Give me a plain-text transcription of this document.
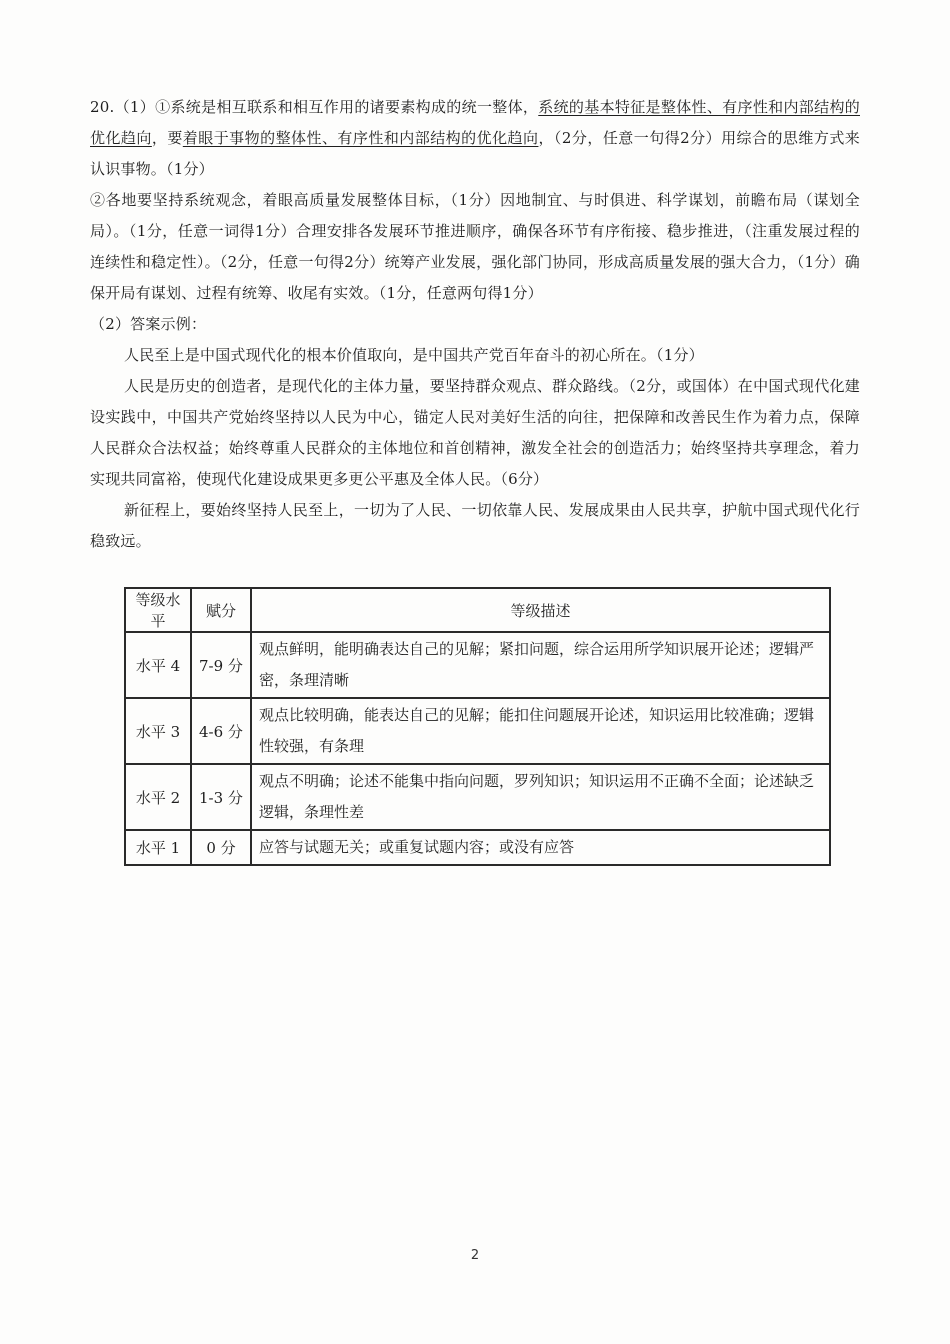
20.（1）①系统是相互联系和相互作用的诸要素构成的统一整体，系统的基本特征是整体性、有序性和内部结构的优化趋向，要着眼于事物的整体性、有序性和内部结构的优化趋向，（2分，任意一句得2分）用综合的思维方式来认识事物。（1分）

②各地要坚持系统观念，着眼高质量发展整体目标，（1分）因地制宜、与时俱进、科学谋划，前瞻布局（谋划全局）。（1分，任意一词得1分）合理安排各发展环节推进顺序，确保各环节有序衔接、稳步推进，（注重发展过程的连续性和稳定性）。（2分，任意一句得2分）统筹产业发展，强化部门协同，形成高质量发展的强大合力，（1分）确保开局有谋划、过程有统筹、收尾有实效。（1分，任意两句得1分）

（2）答案示例：

人民至上是中国式现代化的根本价值取向，是中国共产党百年奋斗的初心所在。（1分）

人民是历史的创造者，是现代化的主体力量，要坚持群众观点、群众路线。（2分，或国体）在中国式现代化建设实践中，中国共产党始终坚持以人民为中心，锚定人民对美好生活的向往，把保障和改善民生作为着力点，保障人民群众合法权益；始终尊重人民群众的主体地位和首创精神，激发全社会的创造活力；始终坚持共享理念，着力实现共同富裕，使现代化建设成果更多更公平惠及全体人民。（6分）

新征程上，要始终坚持人民至上，一切为了人民、一切依靠人民、发展成果由人民共享，护航中国式现代化行稳致远。

等级水平	赋分	等级描述
水平 4	7-9 分	观点鲜明，能明确表达自己的见解；紧扣问题，综合运用所学知识展开论述；逻辑严密，条理清晰
水平 3	4-6 分	观点比较明确，能表达自己的见解；能扣住问题展开论述，知识运用比较准确；逻辑性较强，有条理
水平 2	1-3 分	观点不明确；论述不能集中指向问题，罗列知识；知识运用不正确不全面；论述缺乏逻辑，条理性差
水平 1	0 分	应答与试题无关；或重复试题内容；或没有应答
2
